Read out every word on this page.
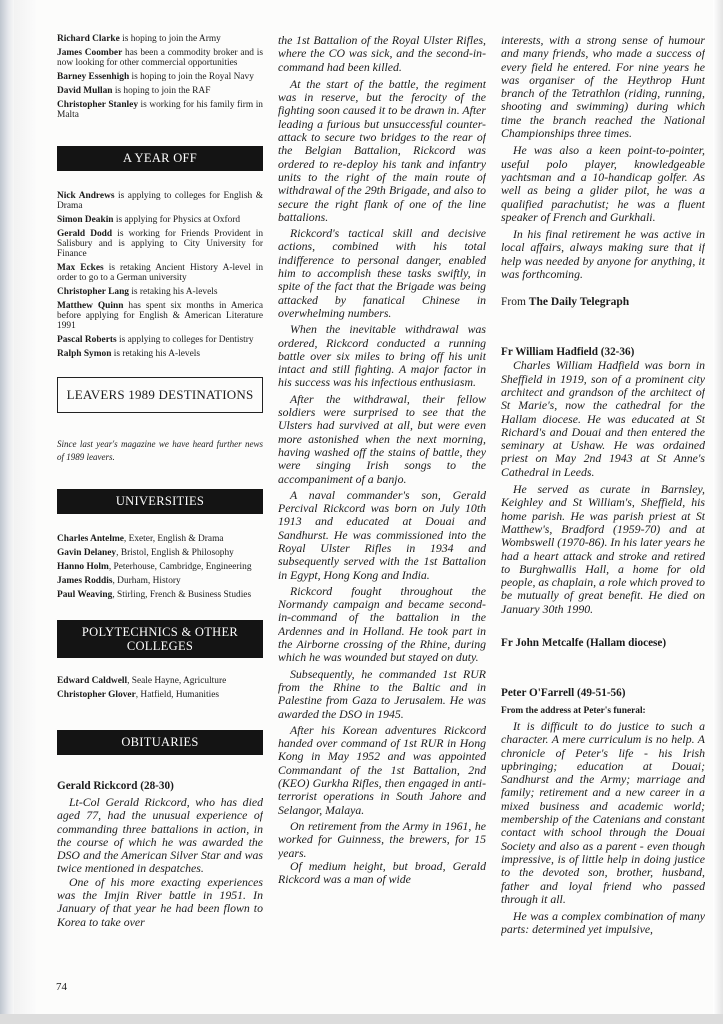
Richard Clarke is hoping to join the Army

James Coomber has been a commodity broker and is now looking for other commercial opportunities

Barney Essenhigh is hoping to join the Royal Navy

David Mullan is hoping to join the RAF

Christopher Stanley is working for his family firm in Malta

A YEAR OFF

Nick Andrews is applying to colleges for English & Drama

Simon Deakin is applying for Physics at Oxford

Gerald Dodd is working for Friends Provident in Salisbury and is applying to City University for Finance

Max Eckes is retaking Ancient History A-level in order to go to a German university

Christopher Lang is retaking his A-levels

Matthew Quinn has spent six months in America before applying for English & American Literature 1991

Pascal Roberts is applying to colleges for Dentistry

Ralph Symon is retaking his A-levels

LEAVERS 1989 DESTINATIONS

Since last year's magazine we have heard further news of 1989 leavers.

UNIVERSITIES

Charles Antelme, Exeter, English & Drama

Gavin Delaney, Bristol, English & Philosophy

Hanno Holm, Peterhouse, Cambridge, Engineering

James Roddis, Durham, History

Paul Weaving, Stirling, French & Business Studies

POLYTECHNICS & OTHER COLLEGES

Edward Caldwell, Seale Hayne, Agriculture

Christopher Glover, Hatfield, Humanities

OBITUARIES

Gerald Rickcord (28-30)

Lt-Col Gerald Rickcord, who has died aged 77, had the unusual experience of commanding three battalions in action, in the course of which he was awarded the DSO and the American Silver Star and was twice mentioned in despatches.

One of his more exacting experiences was the Imjin River battle in 1951. In January of that year he had been flown to Korea to take over

the 1st Battalion of the Royal Ulster Rifles, where the CO was sick, and the second-in-command had been killed.

At the start of the battle, the regiment was in reserve, but the ferocity of the fighting soon caused it to be drawn in. After leading a furious but unsuccessful counter-attack to secure two bridges to the rear of the Belgian Battalion, Rickcord was ordered to re-deploy his tank and infantry units to the right of the main route of withdrawal of the 29th Brigade, and also to secure the right flank of one of the line battalions.

Rickcord's tactical skill and decisive actions, combined with his total indifference to personal danger, enabled him to accomplish these tasks swiftly, in spite of the fact that the Brigade was being attacked by fanatical Chinese in overwhelming numbers.

When the inevitable withdrawal was ordered, Rickcord conducted a running battle over six miles to bring off his unit intact and still fighting. A major factor in his success was his infectious enthusiasm.

After the withdrawal, their fellow soldiers were surprised to see that the Ulsters had survived at all, but were even more astonished when the next morning, having washed off the stains of battle, they were singing Irish songs to the accompaniment of a banjo.

A naval commander's son, Gerald Percival Rickcord was born on July 10th 1913 and educated at Douai and Sandhurst. He was commissioned into the Royal Ulster Rifles in 1934 and subsequently served with the 1st Battalion in Egypt, Hong Kong and India.

Rickcord fought throughout the Normandy campaign and became second-in-command of the battalion in the Ardennes and in Holland. He took part in the Airborne crossing of the Rhine, during which he was wounded but stayed on duty.

Subsequently, he commanded 1st RUR from the Rhine to the Baltic and in Palestine from Gaza to Jerusalem. He was awarded the DSO in 1945.

After his Korean adventures Rickcord handed over command of 1st RUR in Hong Kong in May 1952 and was appointed Commandant of the 1st Battalion, 2nd (KEO) Gurkha Rifles, then engaged in anti-terrorist operations in South Jahore and Selangor, Malaya.

On retirement from the Army in 1961, he worked for Guinness, the brewers, for 15 years.

Of medium height, but broad, Gerald Rickcord was a man of wide

interests, with a strong sense of humour and many friends, who made a success of every field he entered. For nine years he was organiser of the Heythrop Hunt branch of the Tetrathlon (riding, running, shooting and swimming) during which time the branch reached the National Championships three times.

He was also a keen point-to-pointer, useful polo player, knowledgeable yachtsman and a 10-handicap golfer. As well as being a glider pilot, he was a qualified parachutist; he was a fluent speaker of French and Gurkhali.

In his final retirement he was active in local affairs, always making sure that if help was needed by anyone for anything, it was forthcoming.

From The Daily Telegraph

Fr William Hadfield (32-36)

Charles William Hadfield was born in Sheffield in 1919, son of a prominent city architect and grandson of the architect of St Marie's, now the cathedral for the Hallam diocese. He was educated at St Richard's and Douai and then entered the seminary at Ushaw. He was ordained priest on May 2nd 1943 at St Anne's Cathedral in Leeds.

He served as curate in Barnsley, Keighley and St William's, Sheffield, his home parish. He was parish priest at St Matthew's, Bradford (1959-70) and at Wombswell (1970-86). In his later years he had a heart attack and stroke and retired to Burghwallis Hall, a home for old people, as chaplain, a role which proved to be mutually of great benefit. He died on January 30th 1990.

Fr John Metcalfe (Hallam diocese)

Peter O'Farrell (49-51-56)

From the address at Peter's funeral:

It is difficult to do justice to such a character. A mere curriculum is no help. A chronicle of Peter's life - his Irish upbringing; education at Douai; Sandhurst and the Army; marriage and family; retirement and a new career in a mixed business and academic world; membership of the Catenians and constant contact with school through the Douai Society and also as a parent - even though impressive, is of little help in doing justice to the devoted son, brother, husband, father and loyal friend who passed through it all.

He was a complex combination of many parts: determined yet impulsive,

74
